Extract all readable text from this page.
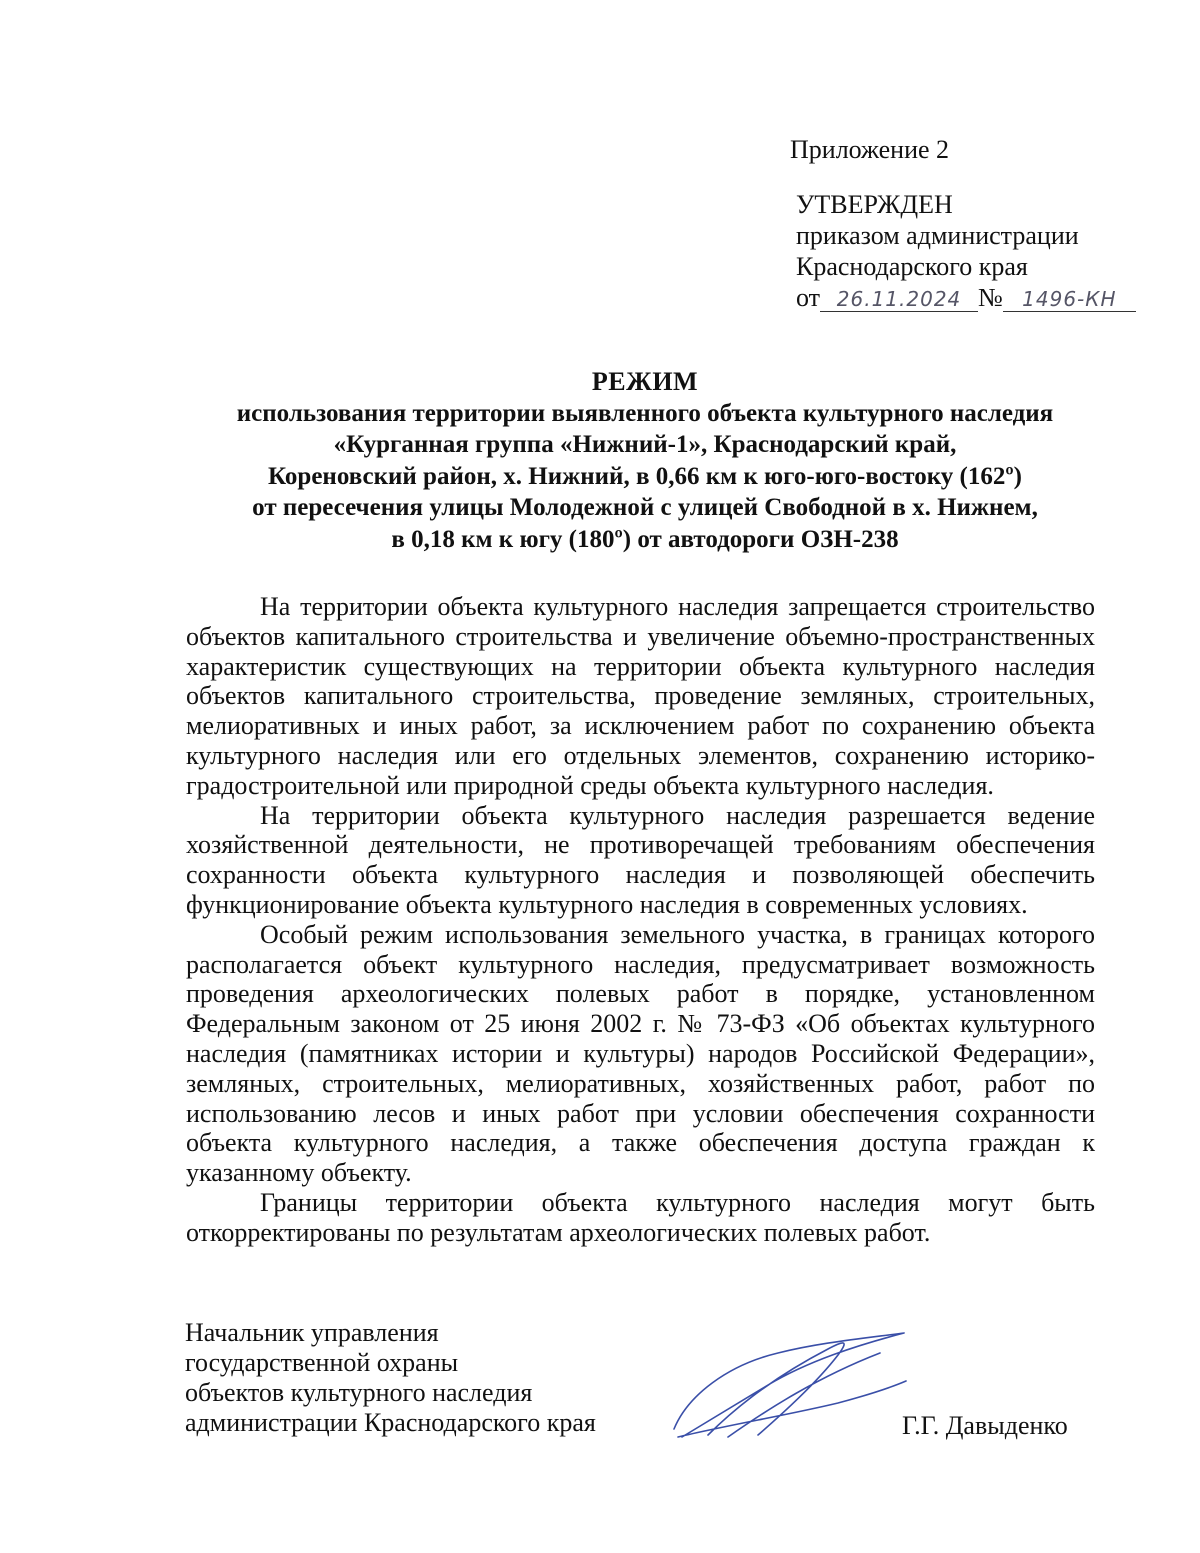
Приложение 2
УТВЕРЖДЕН
приказом администрации
Краснодарского края
от 26.11.2024 № 1496-КН
РЕЖИМ
использования территории выявленного объекта культурного наследия
«Курганная группа «Нижний-1», Краснодарский край,
Кореновский район, х. Нижний, в 0,66 км к юго-юго-востоку (162º)
от пересечения улицы Молодежной с улицей Свободной в х. Нижнем,
в 0,18 км к югу (180º) от автодороги ОЗН-238

На территории объекта культурного наследия запрещается строительство объектов капитального строительства и увеличение объемно-пространственных характеристик существующих на территории объекта культурного наследия объектов капитального строительства, проведение земляных, строительных, мелиоративных и иных работ, за исключением работ по сохранению объекта культурного наследия или его отдельных элементов, сохранению историко-градостроительной или природной среды объекта культурного наследия.

На территории объекта культурного наследия разрешается ведение хозяйственной деятельности, не противоречащей требованиям обеспечения сохранности объекта культурного наследия и позволяющей обеспечить функционирование объекта культурного наследия в современных условиях.

Особый режим использования земельного участка, в границах которого располагается объект культурного наследия, предусматривает возможность проведения археологических полевых работ в порядке, установленном Федеральным законом от 25 июня 2002 г. № 73-ФЗ «Об объектах культурного наследия (памятниках истории и культуры) народов Российской Федерации», земляных, строительных, мелиоративных, хозяйственных работ, работ по использованию лесов и иных работ при условии обеспечения сохранности объекта культурного наследия, а также обеспечения доступа граждан к указанному объекту.

Границы территории объекта культурного наследия могут быть откорректированы по результатам археологических полевых работ.

Начальник управления
государственной охраны
объектов культурного наследия
администрации Краснодарского края	Г.Г. Давыденко
